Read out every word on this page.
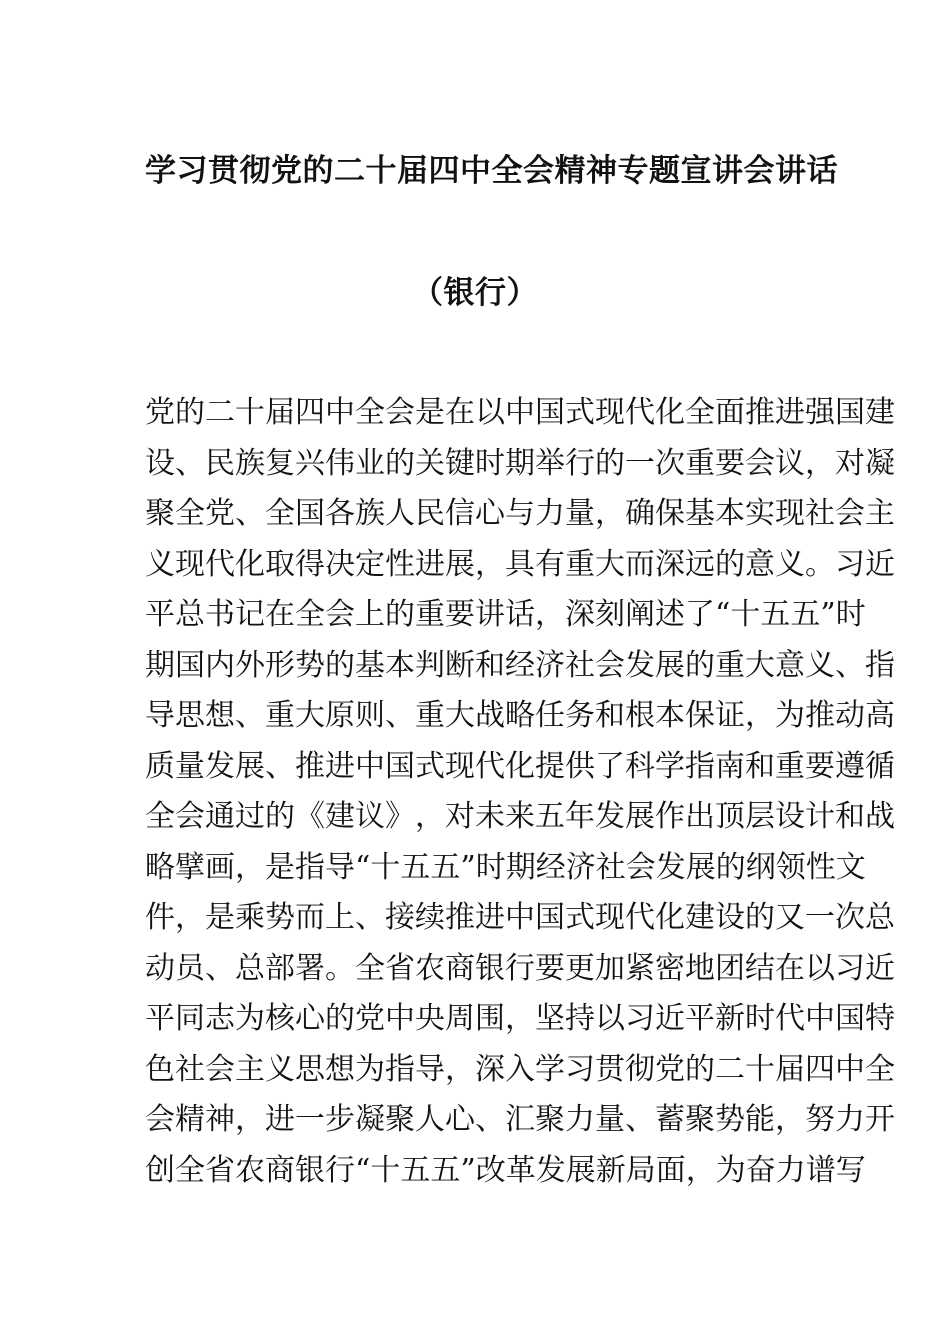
学习贯彻党的二十届四中全会精神专题宣讲会讲话
（银行）
党 的 二 十 届 四 中 全 会 是 在 以 中 国 式 现 代 化 全 面 推 进 强 国 建
设 、 民 族 复 兴 伟 业 的 关 键 时 期 举 行 的 一 次 重 要 会 议 ， 对 凝
聚 全 党 、 全 国 各 族 人 民 信 心 与 力 量 ， 确 保 基 本 实 现 社 会 主
义 现 代 化 取 得 决 定 性 进 展 ， 具 有 重 大 而 深 远 的 意 义 。 习 近
平 总 书 记 在 全 会 上 的 重 要 讲 话 ， 深 刻 阐 述 了 “ 十 五 五 ” 时
期 国 内 外 形 势 的 基 本 判 断 和 经 济 社 会 发 展 的 重 大 意 义 、 指
导 思 想 、 重 大 原 则 、 重 大 战 略 任 务 和 根 本 保 证 ， 为 推 动 高
质 量 发 展 、 推 进 中 国 式 现 代 化 提 供 了 科 学 指 南 和 重 要 遵 循
全 会 通 过 的 《 建 议 》 ， 对 未 来 五 年 发 展 作 出 顶 层 设 计 和 战
略 擘 画 ， 是 指 导 “ 十 五 五 ” 时 期 经 济 社 会 发 展 的 纲 领 性 文
件 ， 是 乘 势 而 上 、 接 续 推 进 中 国 式 现 代 化 建 设 的 又 一 次 总
动 员 、 总 部 署 。 全 省 农 商 银 行 要 更 加 紧 密 地 团 结 在 以 习 近
平 同 志 为 核 心 的 党 中 央 周 围 ， 坚 持 以 习 近 平 新 时 代 中 国 特
色 社 会 主 义 思 想 为 指 导 ， 深 入 学 习 贯 彻 党 的 二 十 届 四 中 全
会 精 神 ， 进 一 步 凝 聚 人 心 、 汇 聚 力 量 、 蓄 聚 势 能 ， 努 力 开
创 全 省 农 商 银 行 “ 十 五 五 ” 改 革 发 展 新 局 面 ， 为 奋 力 谱 写
